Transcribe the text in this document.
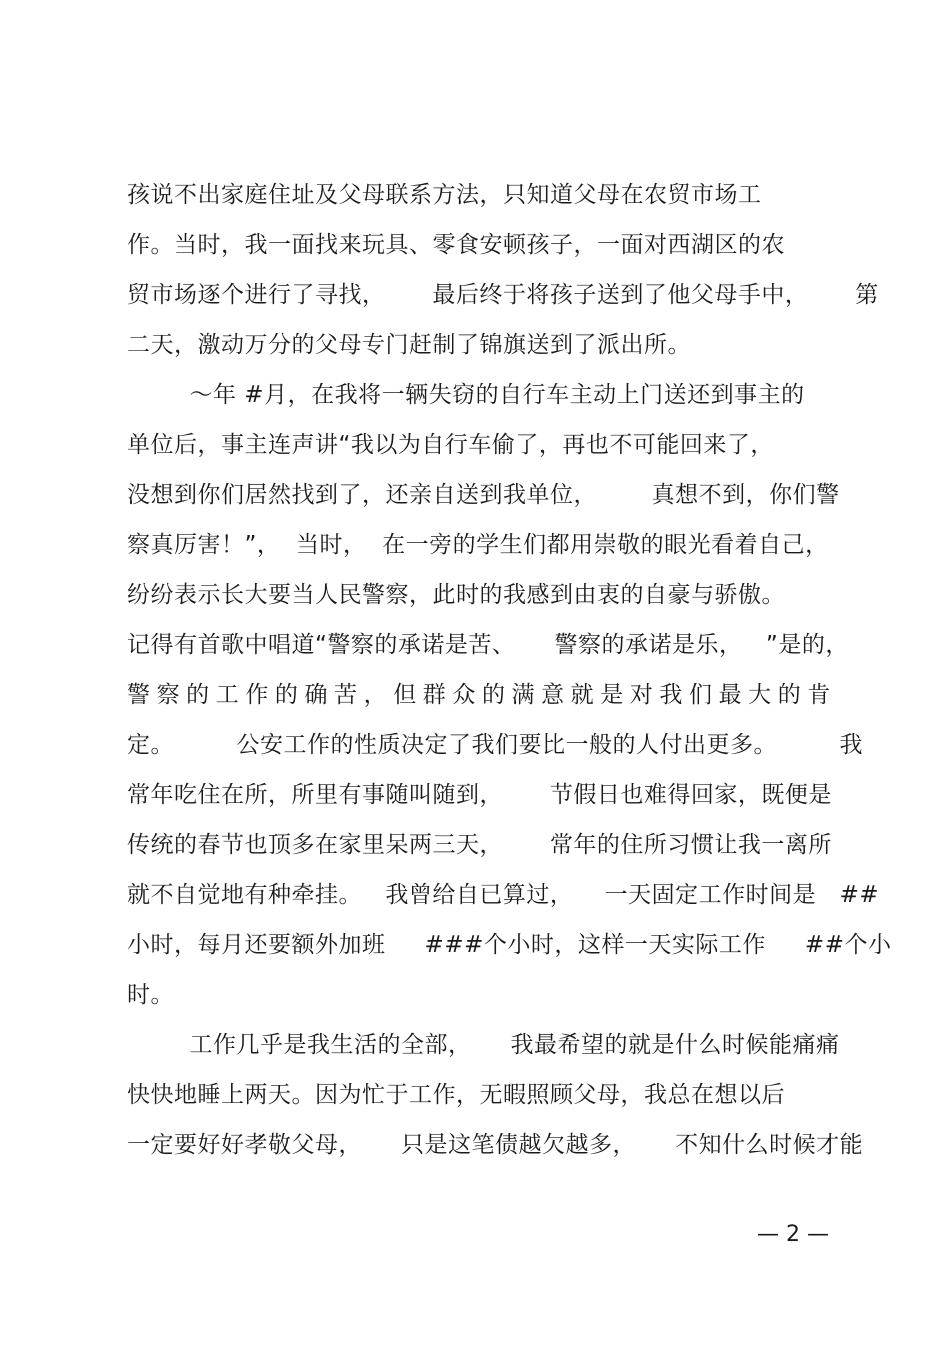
孩说不出家庭住址及父母联系方法，只知道父母在农贸市场工
作。当时，我一面找来玩具、零食安顿孩子，一面对西湖区的农
贸市场逐个进行了寻找，      最后终于将孩子送到了他父母手中，      第
二天，激动万分的父母专门赶制了锦旗送到了派出所。
～年 #月，在我将一辆失窃的自行车主动上门送还到事主的
单位后，事主连声讲“我以为自行车偷了，再也不可能回来了，
没想到你们居然找到了，还亲自送到我单位，       真想不到，你们警
察真厉害！”，  当时，  在一旁的学生们都用崇敬的眼光看着自己，
纷纷表示长大要当人民警察，此时的我感到由衷的自豪与骄傲。
记得有首歌中唱道“警察的承诺是苦、     警察的承诺是乐，   ”是的，
警 察 的 工 作 的 确 苦 ， 但 群 众 的 满 意 就 是 对 我 们 最 大 的 肯
定。        公安工作的性质决定了我们要比一般的人付出更多。        我
常年吃住在所，所里有事随叫随到，      节假日也难得回家，既便是
传统的春节也顶多在家里呆两三天，      常年的住所习惯让我一离所
就不自觉地有种牵挂。   我曾给自已算过，    一天固定工作时间是   ##
小时，每月还要额外加班     ###个小时，这样一天实际工作     ##个小
时。
工作几乎是我生活的全部，     我最希望的就是什么时候能痛痛
快快地睡上两天。因为忙于工作，无暇照顾父母，我总在想以后
一定要好好孝敬父母，     只是这笔债越欠越多，     不知什么时候才能
— 2 —
